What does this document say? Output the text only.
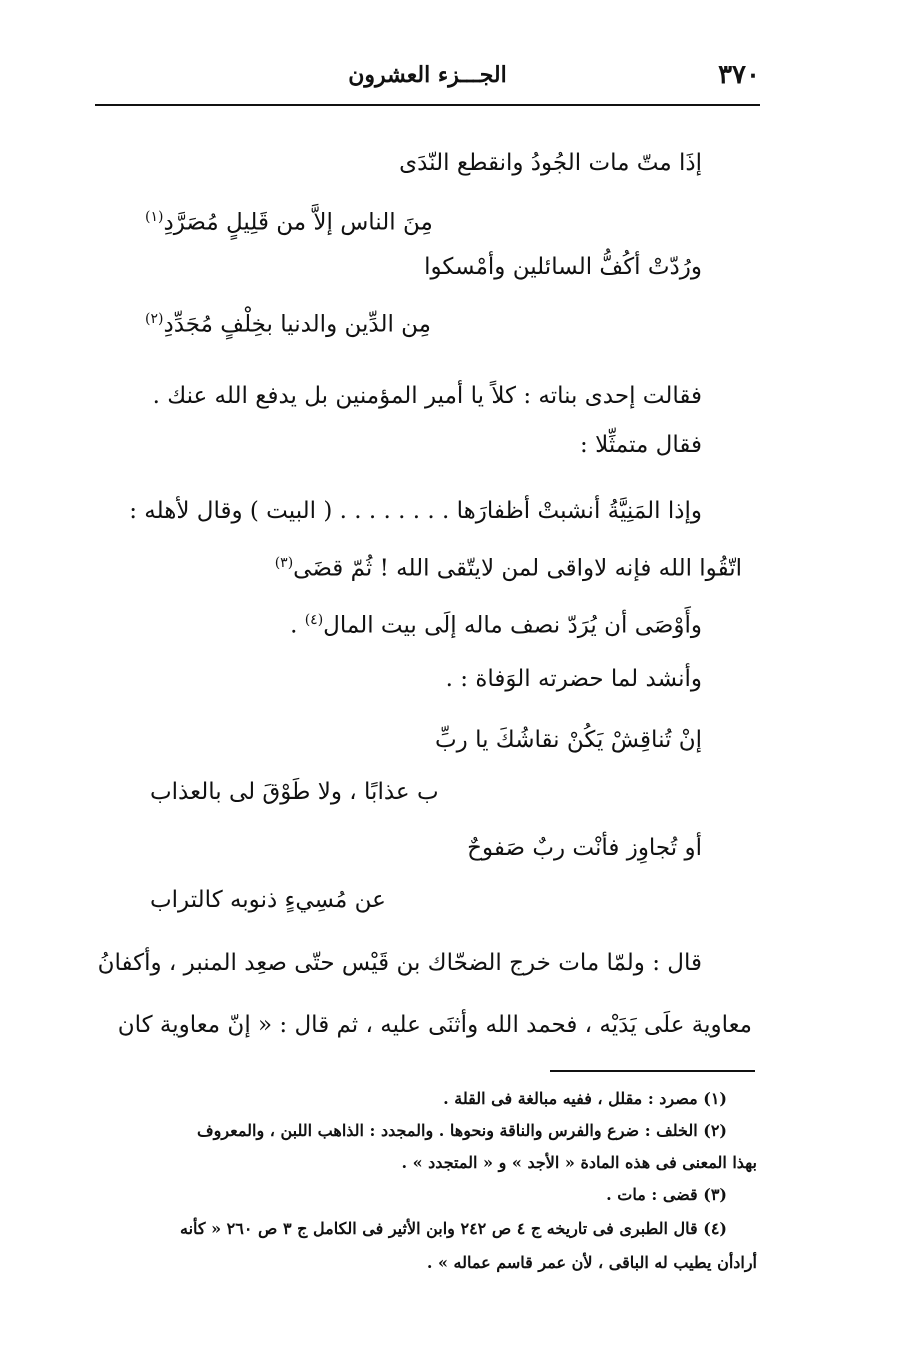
٣٧٠
الجـــزء العشرون
إذَا متّ مات الجُودُ وانقطع النّدَى
مِنَ الناس إلاَّ من قَلِيلٍ مُصَرَّدِ$^{(١)}$
ورُدّتْ أكُفُّ السائلين وأمْسكوا
مِن الدِّين والدنيا بخِلْفٍ مُجَدِّدِ$^{(٢)}$
فقالت إحدى بناته : كلاً يا أمير المؤمنين بل يدفع الله عنك .
فقال متمثِّلا :
وإذا المَنِيَّةُ أنشبتْ أظفارَها . . . . . . . . ( البيت ) وقال لأهله :
اتّقُوا الله فإنه لاواقى لمن لايتّقى الله ! ثُمّ قضَى$^{(٣)}$
وأَوْصَى أن يُرَدّ نصف ماله إلَى بيت المال$^{(٤)}$ .
وأنشد لما حضرته الوَفاة : .
إنْ تُناقِشْ يَكُنْ نقاشُكَ يا ربِّ
ب عذابًا ، ولا طَوْقَ لى بالعذاب
أو تُجاوِز فأنْت ربٌ صَفوحٌ
عن مُسِيءٍ ذنوبه كالتراب
قال : ولمّا مات خرج الضحّاك بن قَيْس حتّى صعِد المنبر ، وأكفانُ
معاوية علَى يَدَيْه ، فحمد الله وأثنَى عليه ، ثم قال : « إنّ معاوية كان
(١) مصرد : مقلل ، ففيه مبالغة فى القلة .
(٢) الخلف : ضرع والفرس والناقة ونحوها . والمجدد : الذاهب اللبن ، والمعروف
بهذا المعنى فى هذه المادة « الأجد » و « المتجدد » .
(٣) قضى : مات .
(٤) قال الطبرى فى تاريخه ج ٤ ص ٢٤٢ وابن الأثير فى الكامل ج ٣ ص ٢٦٠ « كأنه
أرادأن يطيب له الباقى ، لأن عمر قاسم عماله » .
